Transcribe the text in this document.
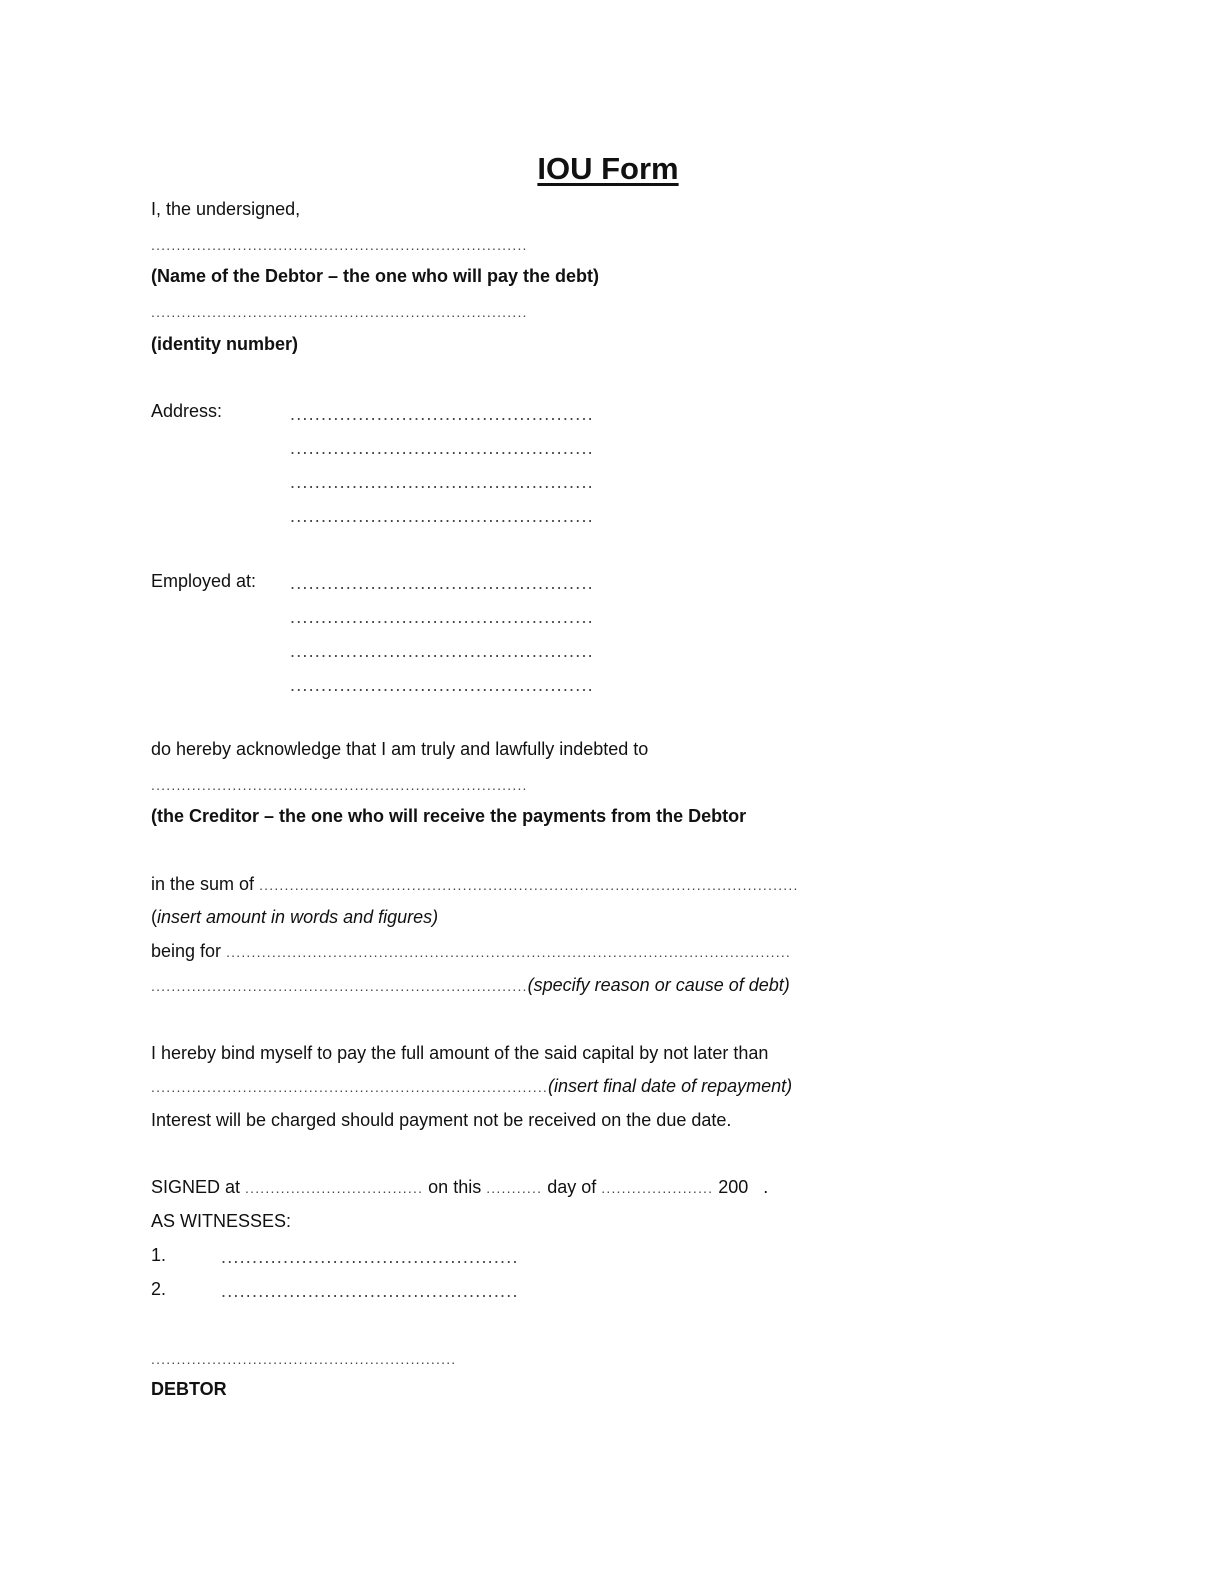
IOU Form
I, the undersigned,
..........................................................................
(Name of the Debtor – the one who will pay the debt)
..........................................................................
(identity number)
Address:	.................................................
.................................................
.................................................
.................................................
Employed at: .................................................
.................................................
.................................................
.................................................
do hereby acknowledge that I am truly and lawfully indebted to
..........................................................................
(the Creditor – the one who will receive the payments from the Debtor
in the sum of ..........................................................................................................
(insert amount in words and figures)
being for ...............................................................................................................
..........................................................................(specify reason or cause of debt)
I hereby bind myself to pay the full amount of the said capital by not later than
..............................................................................(insert final date of repayment)
Interest will be charged should payment not be received on the due date.
SIGNED at ................................... on this ........... day of ...................... 200   .
AS WITNESSES:
1.	................................................
2.	................................................
............................................................
DEBTOR
